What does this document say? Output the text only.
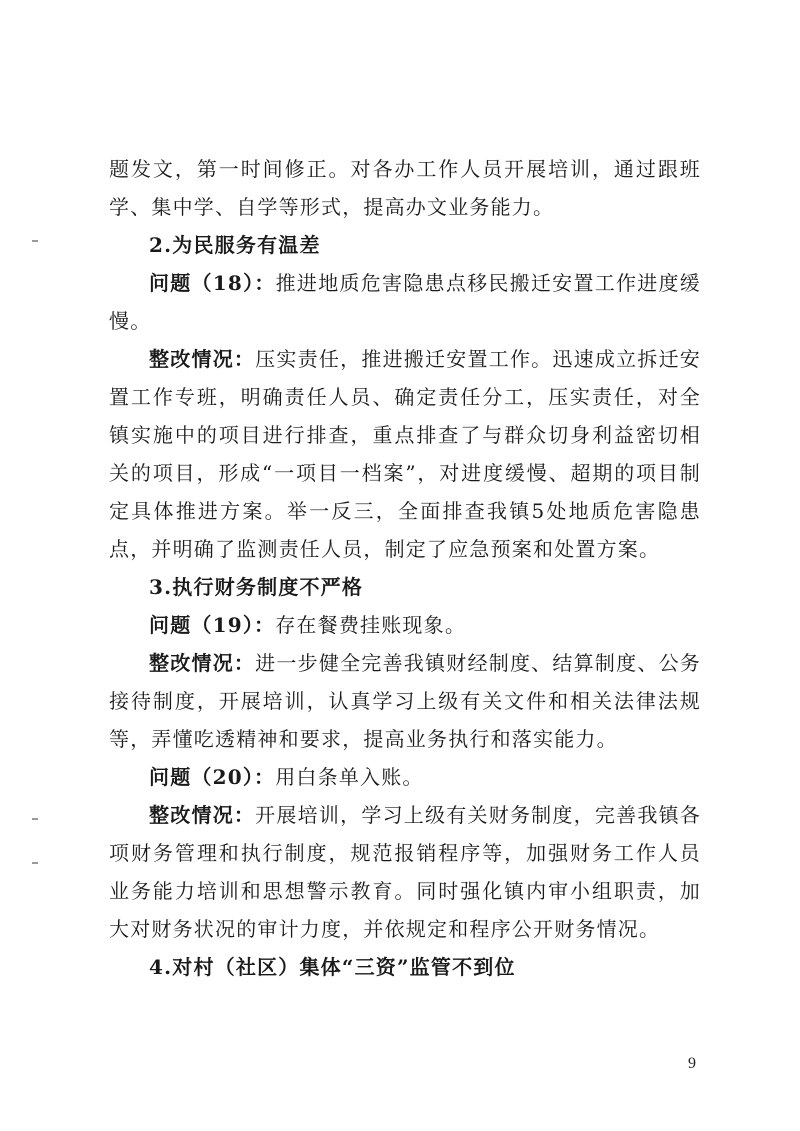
题发文，第一时间修正。对各办工作人员开展培训，通过跟班学、集中学、自学等形式，提高办文业务能力。

2.为民服务有温差

问题（18）：推进地质危害隐患点移民搬迁安置工作进度缓慢。

整改情况：压实责任，推进搬迁安置工作。迅速成立拆迁安置工作专班，明确责任人员、确定责任分工，压实责任，对全镇实施中的项目进行排查，重点排查了与群众切身利益密切相关的项目，形成“一项目一档案”，对进度缓慢、超期的项目制定具体推进方案。举一反三，全面排查我镇5处地质危害隐患点，并明确了监测责任人员，制定了应急预案和处置方案。

3.执行财务制度不严格

问题（19）：存在餐费挂账现象。

整改情况：进一步健全完善我镇财经制度、结算制度、公务接待制度，开展培训，认真学习上级有关文件和相关法律法规等，弄懂吃透精神和要求，提高业务执行和落实能力。

问题（20）：用白条单入账。

整改情况：开展培训，学习上级有关财务制度，完善我镇各项财务管理和执行制度，规范报销程序等，加强财务工作人员业务能力培训和思想警示教育。同时强化镇内审小组职责，加大对财务状况的审计力度，并依规定和程序公开财务情况。

4.对村（社区）集体“三资”监管不到位

9
